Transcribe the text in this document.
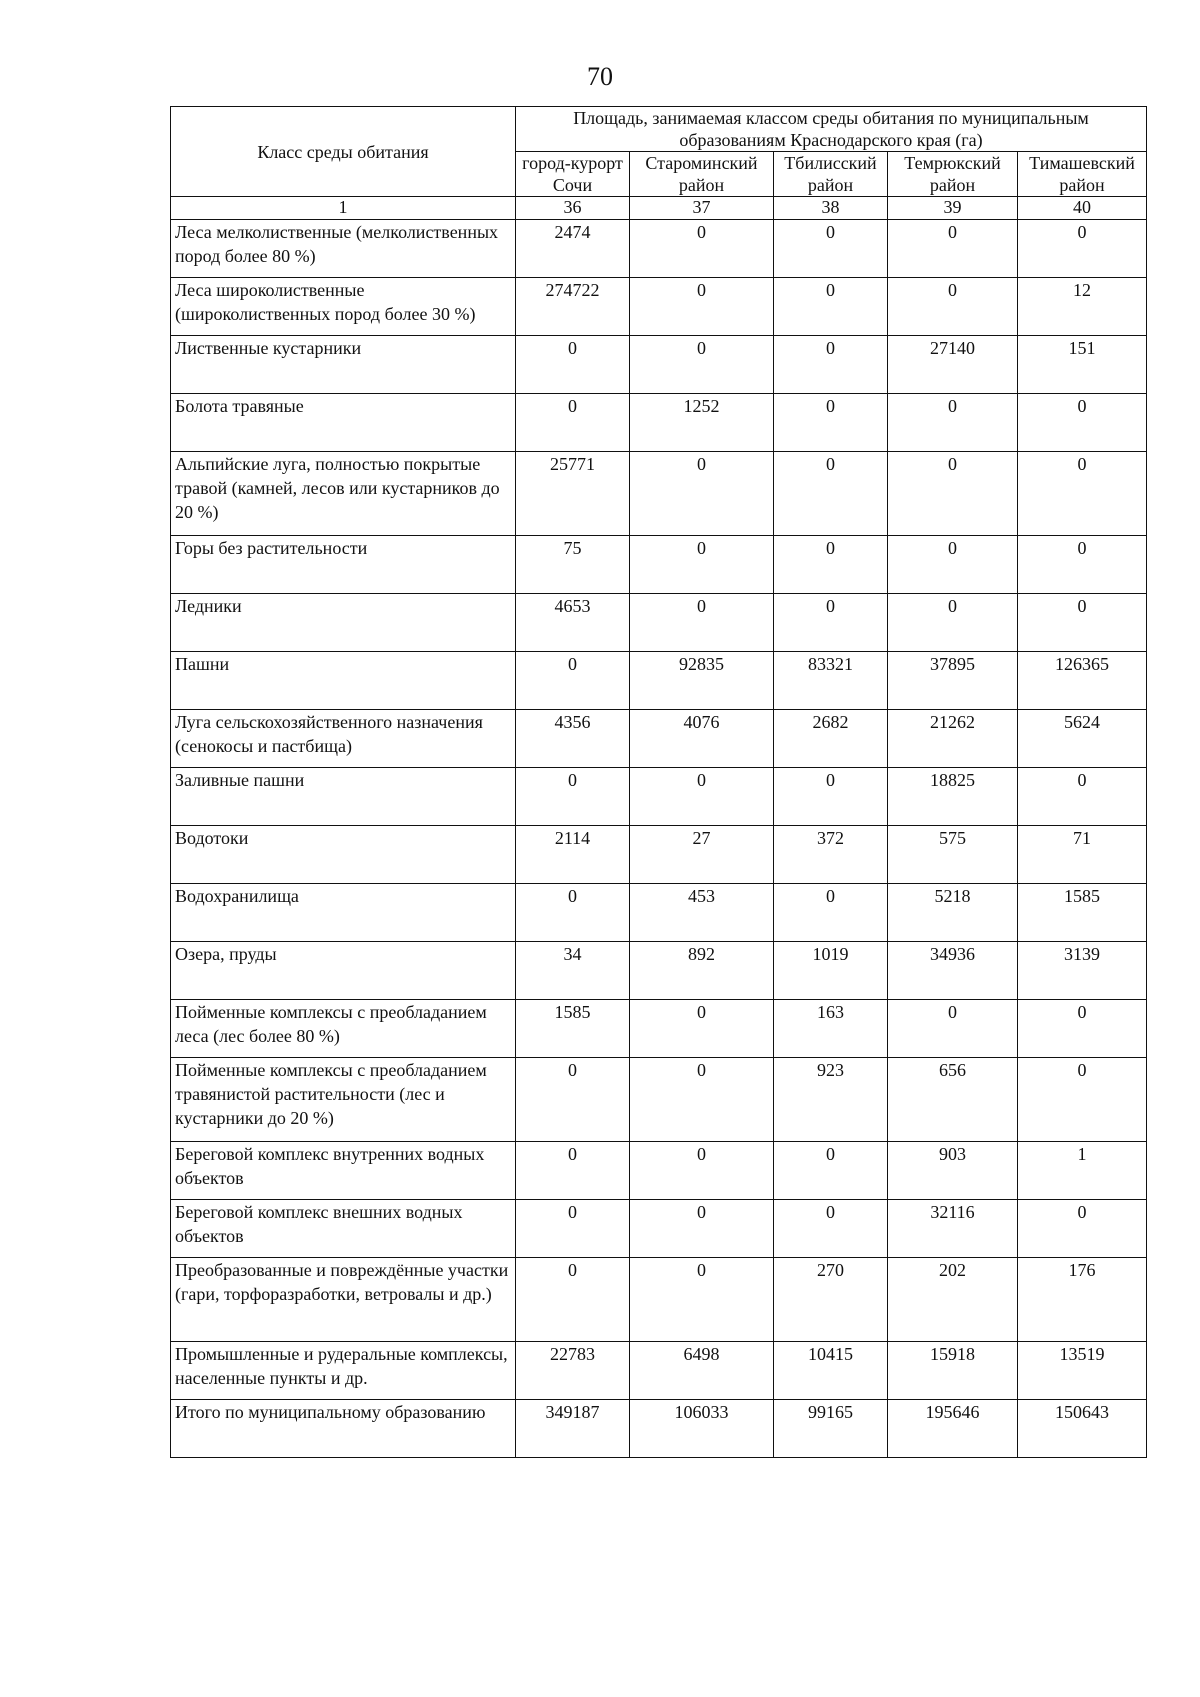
70
Класс среды обитания	Площадь, занимаемая классом среды обитания по муниципальным образованиям Краснодарского края (га)				
	город-курорт Сочи	Староминский район	Тбилисский район	Темрюкский район	Тимашевский район
1	36	37	38	39	40
Леса мелколиственные (мелколиственных пород более 80 %)	2474	0	0	0	0
Леса широколиственные (широколиственных пород более 30 %)	274722	0	0	0	12
Лиственные кустарники	0	0	0	27140	151
Болота травяные	0	1252	0	0	0
Альпийские луга, полностью покрытые травой (камней, лесов или кустарников до 20 %)	25771	0	0	0	0
Горы без растительности	75	0	0	0	0
Ледники	4653	0	0	0	0
Пашни	0	92835	83321	37895	126365
Луга сельскохозяйственного назначения (сенокосы и пастбища)	4356	4076	2682	21262	5624
Заливные пашни	0	0	0	18825	0
Водотоки	2114	27	372	575	71
Водохранилища	0	453	0	5218	1585
Озера, пруды	34	892	1019	34936	3139
Пойменные комплексы с преобладанием леса (лес более 80 %)	1585	0	163	0	0
Пойменные комплексы с преобладанием травянистой растительности (лес и кустарники до 20 %)	0	0	923	656	0
Береговой комплекс внутренних водных объектов	0	0	0	903	1
Береговой комплекс внешних водных объектов	0	0	0	32116	0
Преобразованные и повреждённые участки (гари, торфоразработки, ветровалы и др.)	0	0	270	202	176
Промышленные и рудеральные комплексы, населенные пункты и др.	22783	6498	10415	15918	13519
Итого по муниципальному образованию	349187	106033	99165	195646	150643
